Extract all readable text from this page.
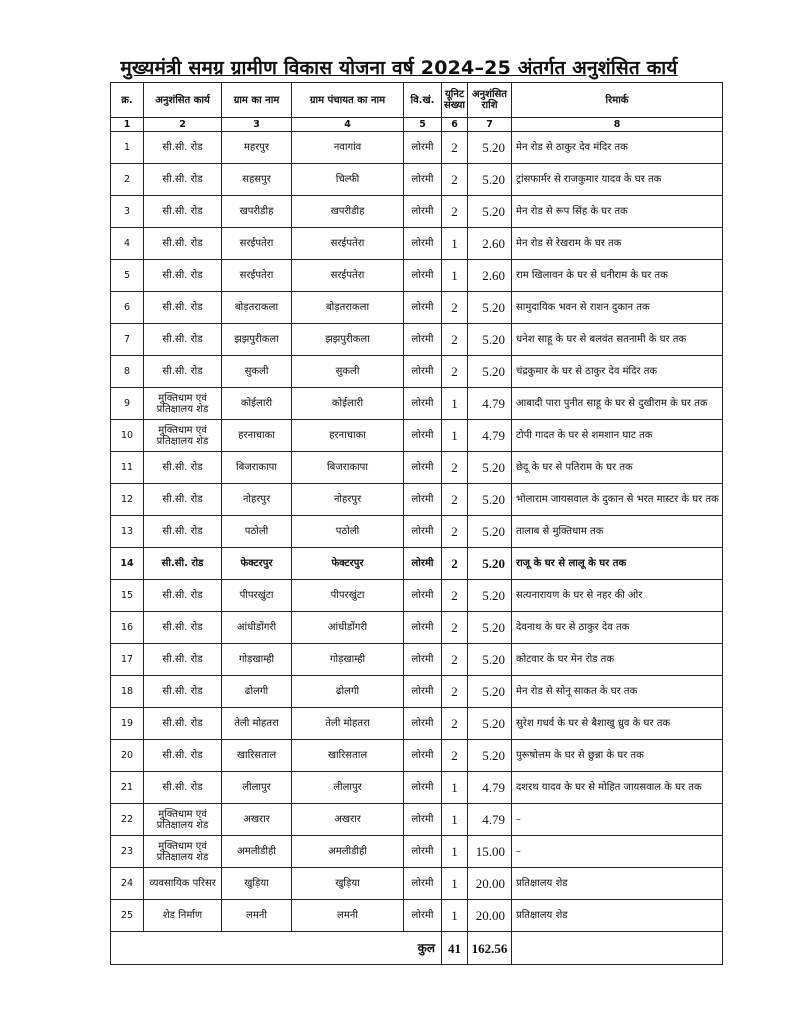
मुख्यमंत्री समग्र ग्रामीण विकास योजना वर्ष 2024–25 अंतर्गत अनुशंसित कार्य
क्र.	अनुशंसित कार्य	ग्राम का नाम	ग्राम पंचायत का नाम	वि.खं.	यूनिट संख्या	अनुशंसित राशि	रिमार्क
1	2	3	4	5	6	7	8
1	सी.सी. रोड	महरपुर	नवागांव	लोरमी	2	5.20	मेन रोड से ठाकुर देव मंदिर तक
2	सी.सी. रोड	सहसपुर	चिल्फी	लोरमी	2	5.20	ट्रांसफार्मर से राजकुमार यादव के घर तक
3	सी.सी. रोड	खपरीडीह	खपरीडीह	लोरमी	2	5.20	मेन रोड से रूप सिंह के घर तक
4	सी.सी. रोड	सरईपतेरा	सरईपतेरा	लोरमी	1	2.60	मेन रोड से रेखराम के घर तक
5	सी.सी. रोड	सरईपतेरा	सरईपतेरा	लोरमी	1	2.60	राम खिलावन के घर से धनीराम के घर तक
6	सी.सी. रोड	बोड़तराकला	बोड़तराकला	लोरमी	2	5.20	सामुदायिक भवन से राशन दुकान तक
7	सी.सी. रोड	झझपुरीकला	झझपुरीकला	लोरमी	2	5.20	धनेश साहू के घर से बलवंत सतनामी के घर तक
8	सी.सी. रोड	सुकली	सुकली	लोरमी	2	5.20	चंद्रकुमार के घर से ठाकुर देव मंदिर तक
9	मुक्तिधाम एवं प्रतिक्षालय शेड	कोईलारी	कोईलारी	लोरमी	1	4.79	आबादी पारा पुनीत साहू के घर से दुखीराम के घर तक
10	मुक्तिधाम एवं प्रतिक्षालय शेड	हरनाचाका	हरनाचाका	लोरमी	1	4.79	टोपी गादत के घर से शमशान घाट तक
11	सी.सी. रोड	बिजराकापा	बिजराकापा	लोरमी	2	5.20	छेदू के घर से पतिराम के घर तक
12	सी.सी. रोड	नोहरपुर	नोहरपुर	लोरमी	2	5.20	भोलाराम जायसवाल के दुकान से भरत मास्टर के घर तक
13	सी.सी. रोड	पठोली	पठोली	लोरमी	2	5.20	तालाब से मुक्तिधाम तक
14	सी.सी. रोड	फेक्टरपुर	फेक्टरपुर	लोरमी	2	5.20	राजू के घर से लालू के घर तक
15	सी.सी. रोड	पीपरखुंटा	पीपरखुंटा	लोरमी	2	5.20	सत्यनारायण के घर से नहर की ओर
16	सी.सी. रोड	आंधीडोंगरी	आंधीडोंगरी	लोरमी	2	5.20	देवनाथ के घर से ठाकुर देव तक
17	सी.सी. रोड	गोड़खाम्ही	गोड़खाम्ही	लोरमी	2	5.20	कोटवार के घर मेन रोड तक
18	सी.सी. रोड	ढोलगी	ढोलगी	लोरमी	2	5.20	मेन रोड से सोनू साकत के घर तक
19	सी.सी. रोड	तेली मोहतरा	तेली मोहतरा	लोरमी	2	5.20	सुरेश गधर्व के घर से बैशाखु ध्रुव के घर तक
20	सी.सी. रोड	खारिसताल	खारिसताल	लोरमी	2	5.20	पुरूषोत्तम के घर से छुन्ना के घर तक
21	सी.सी. रोड	लीलापुर	लीलापुर	लोरमी	1	4.79	दशरथ यादव के घर से मोहित जायसवाल के घर तक
22	मुक्तिधाम एवं प्रतिक्षालय शेड	अखरार	अखरार	लोरमी	1	4.79	–
23	मुक्तिधाम एवं प्रतिक्षालय शेड	अमलीडीही	अमलीडीही	लोरमी	1	15.00	–
24	व्यवसायिक परिसर	खुड़िया	खुड़िया	लोरमी	1	20.00	प्रतिक्षालय शेड
25	शेड निर्माण	लमनी	लमनी	लोरमी	1	20.00	प्रतिक्षालय शेड
कुल					41	162.56	
